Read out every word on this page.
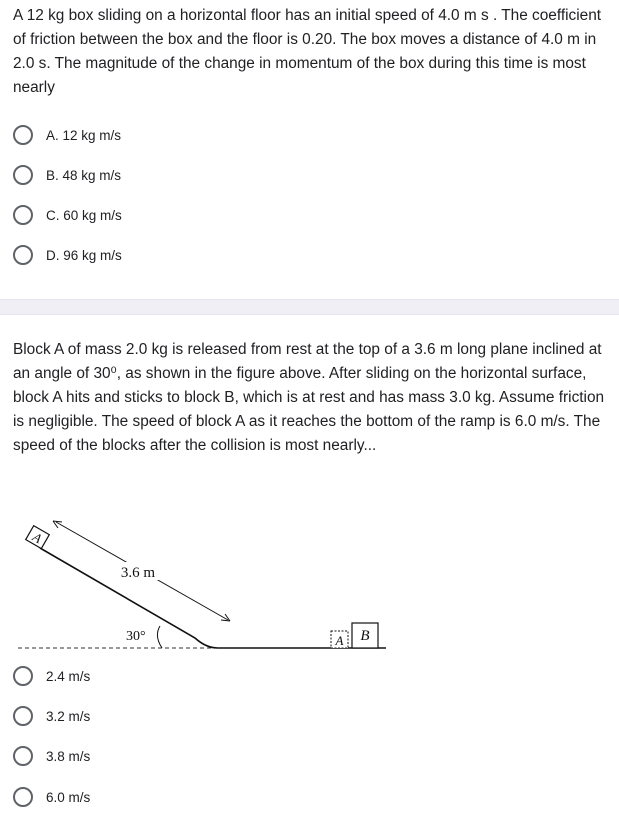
A 12 kg box sliding on a horizontal floor has an initial speed of 4.0 m s . The coefficient of friction between the box and the floor is 0.20. The box moves a distance of 4.0 m in 2.0 s. The magnitude of the change in momentum of the box during this time is most nearly
A. 12 kg m/s
B. 48 kg m/s
C. 60 kg m/s
D. 96 kg m/s
Block A of mass 2.0 kg is released from rest at the top of a 3.6 m long plane inclined at an angle of 30⁰, as shown in the figure above. After sliding on the horizontal surface, block A hits and sticks to block B, which is at rest and has mass 3.0 kg. Assume friction is negligible. The speed of block A as it reaches the bottom of the ramp is 6.0 m/s. The speed of the blocks after the collision is most nearly...
A
3.6 m
30°	A B
2.4 m/s
3.2 m/s
3.8 m/s
6.0 m/s
